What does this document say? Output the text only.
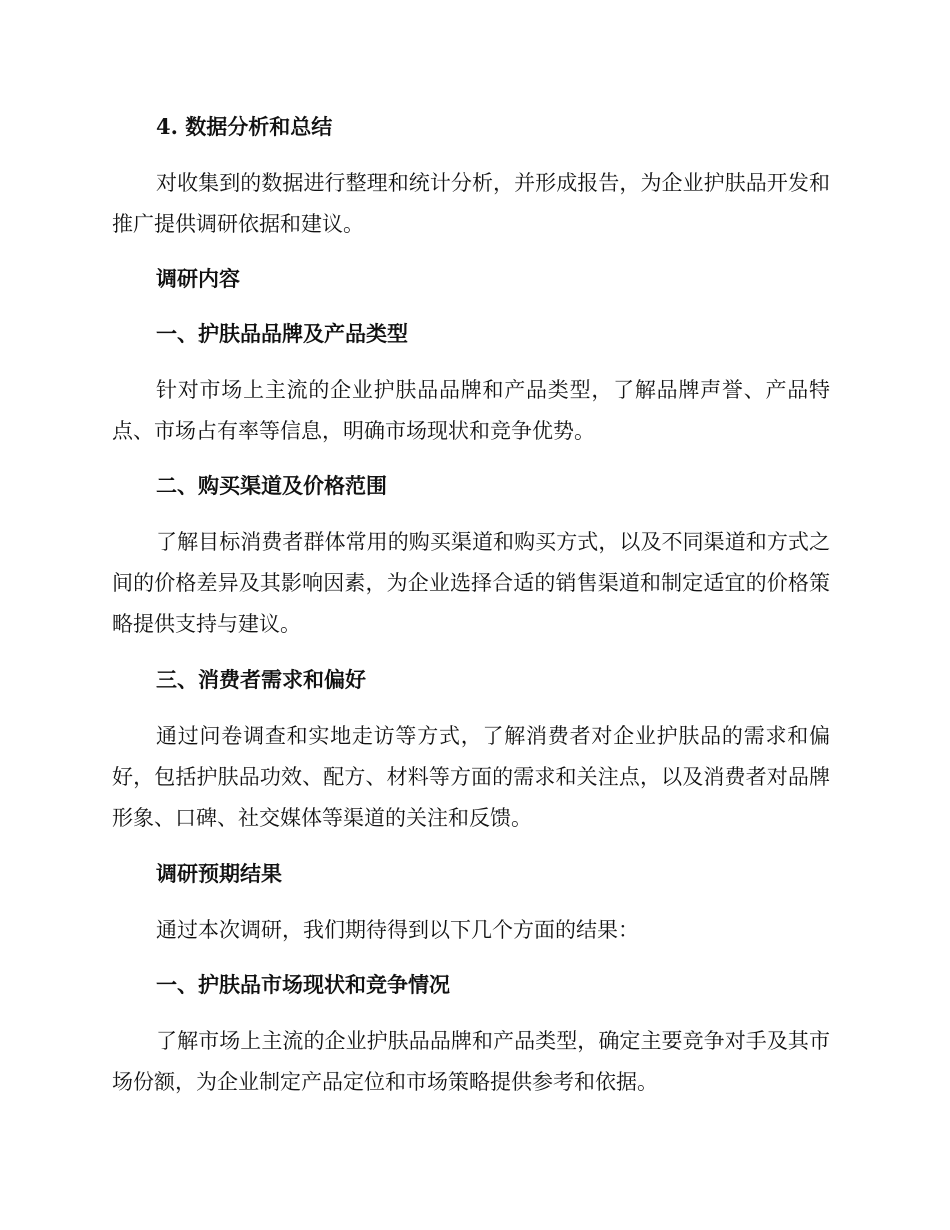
4. 数据分析和总结

对收集到的数据进行整理和统计分析，并形成报告，为企业护肤品开发和推广提供调研依据和建议。

调研内容

一、护肤品品牌及产品类型

针对市场上主流的企业护肤品品牌和产品类型，了解品牌声誉、产品特点、市场占有率等信息，明确市场现状和竞争优势。

二、购买渠道及价格范围

了解目标消费者群体常用的购买渠道和购买方式，以及不同渠道和方式之间的价格差异及其影响因素，为企业选择合适的销售渠道和制定适宜的价格策略提供支持与建议。

三、消费者需求和偏好

通过问卷调查和实地走访等方式，了解消费者对企业护肤品的需求和偏好，包括护肤品功效、配方、材料等方面的需求和关注点，以及消费者对品牌形象、口碑、社交媒体等渠道的关注和反馈。

调研预期结果

通过本次调研，我们期待得到以下几个方面的结果：

一、护肤品市场现状和竞争情况

了解市场上主流的企业护肤品品牌和产品类型，确定主要竞争对手及其市场份额，为企业制定产品定位和市场策略提供参考和依据。
